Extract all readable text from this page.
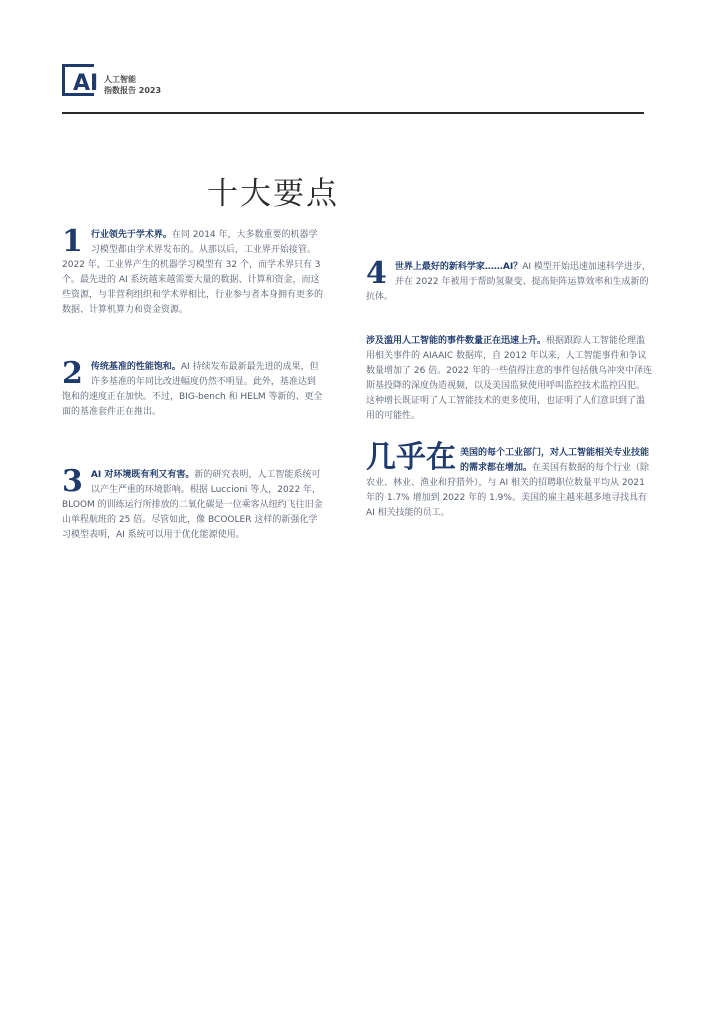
AI 人工智能
指数报告 2023
十大要点
1 行业领先于学术界。在同 2014 年，大多数重要的机器学习模型都由学术界发布的。从那以后，工业界开始接管。2022 年，工业界产生的机器学习模型有 32 个，而学术界只有 3 个。最先进的 AI 系统越来越需要大量的数据、计算和资金，而这些资源，与非营利组织和学术界相比，行业参与者本身拥有更多的数据、计算机算力和资金资源。

2 传统基准的性能饱和。AI 持续发布最新最先进的成果，但许多基准的年同比改进幅度仍然不明显。此外，基准达到饱和的速度正在加快。不过，BIG-bench 和 HELM 等新的、更全面的基准套件正在推出。

3 AI 对环境既有利又有害。新的研究表明，人工智能系统可以产生严重的环境影响。根据 Luccioni 等人，2022 年，BLOOM 的训练运行所排放的二氧化碳是一位乘客从纽约飞往旧金山单程航班的 25 倍。尽管如此，像 BCOOLER 这样的新强化学习模型表明，AI 系统可以用于优化能源使用。

4 世界上最好的新科学家……AI？AI 模型开始迅速加速科学进步，并在 2022 年被用于帮助氢聚变、提高矩阵运算效率和生成新的抗体。

涉及滥用人工智能的事件数量正在迅速上升。根据跟踪人工智能伦理滥用相关事件的 AIAAIC 数据库，自 2012 年以来，人工智能事件和争议数量增加了 26 倍。2022 年的一些值得注意的事件包括俄乌冲突中泽连斯基投降的深度伪造视频，以及美国监狱使用呼叫监控技术监控囚犯。这种增长既证明了人工智能技术的更多使用，也证明了人们意识到了滥用的可能性。

几乎在 美国的每个工业部门，对人工智能相关专业技能的需求都在增加。在美国有数据的每个行业（除农业、林业、渔业和狩猎外），与 AI 相关的招聘职位数量平均从 2021 年的 1.7% 增加到 2022 年的 1.9%。美国的雇主越来越多地寻找具有 AI 相关技能的员工。
